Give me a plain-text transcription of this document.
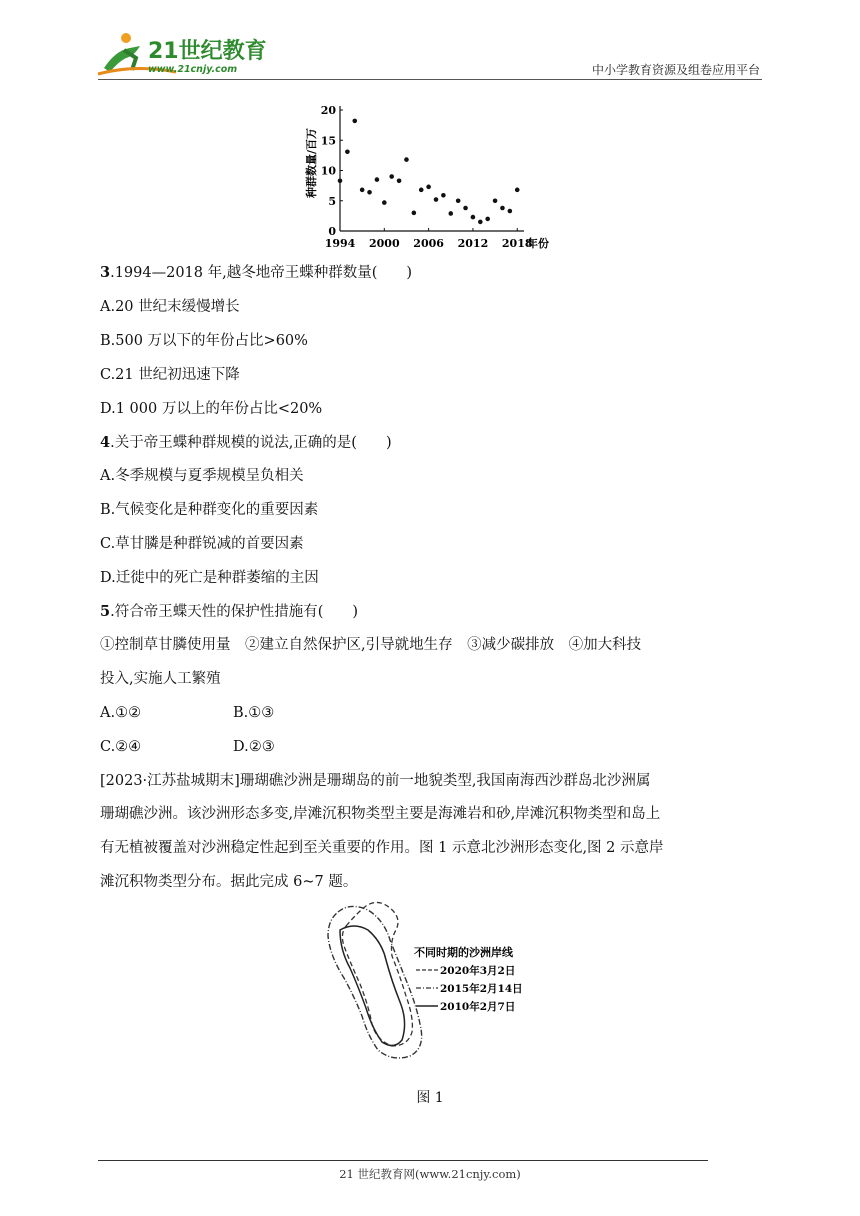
21世纪教育
www.21cnjy.com	中小学教育资源及组卷应用平台
种群数量/百万
0
5
10
15
20
1994 2000 2006 2012 2018
年份
3.1994—2018 年,越冬地帝王蝶种群数量(　　)
A.20 世纪末缓慢增长
B.500 万以下的年份占比>60%
C.21 世纪初迅速下降
D.1 000 万以上的年份占比<20%
4.关于帝王蝶种群规模的说法,正确的是(　　)
A.冬季规模与夏季规模呈负相关
B.气候变化是种群变化的重要因素
C.草甘膦是种群锐减的首要因素
D.迁徙中的死亡是种群萎缩的主因
5.符合帝王蝶天性的保护性措施有(　　)
①控制草甘膦使用量　②建立自然保护区,引导就地生存　③减少碳排放　④加大科技
投入,实施人工繁殖
A.①②	B.①③
C.②④	D.②③
[2023·江苏盐城期末]珊瑚礁沙洲是珊瑚岛的前一地貌类型,我国南海西沙群岛北沙洲属
珊瑚礁沙洲。该沙洲形态多变,岸滩沉积物类型主要是海滩岩和砂,岸滩沉积物类型和岛上
有无植被覆盖对沙洲稳定性起到至关重要的作用。图 1 示意北沙洲形态变化,图 2 示意岸
滩沉积物类型分布。据此完成 6~7 题。
不同时期的沙洲岸线
2020年3月2日
2015年2月14日
2010年2月7日
图 1
21 世纪教育网(www.21cnjy.com)
